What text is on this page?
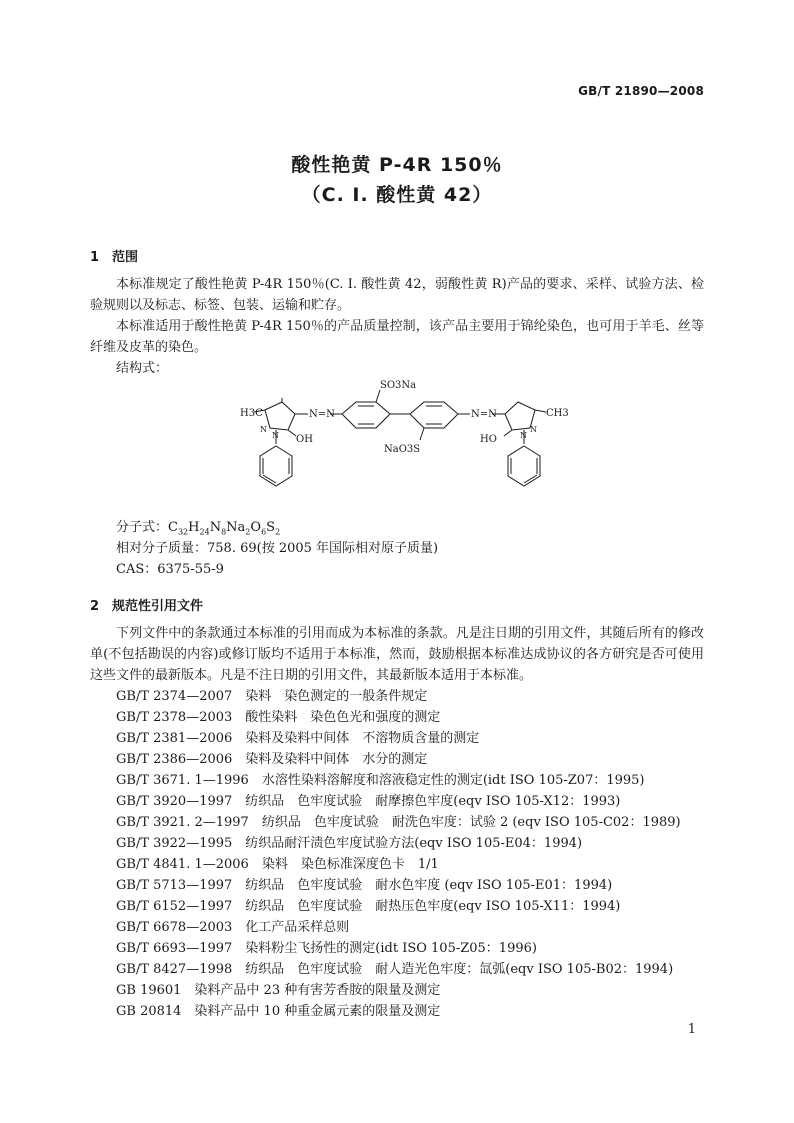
GB/T 21890—2008
酸性艳黄 P-4R 150％
（C. I. 酸性黄 42）
1 范围

本标准规定了酸性艳黄 P-4R 150％(C. I. 酸性黄 42，弱酸性黄 R)产品的要求、采样、试验方法、检验规则以及标志、标签、包装、运输和贮存。

本标准适用于酸性艳黄 P-4R 150％的产品质量控制，该产品主要用于锦纶染色，也可用于羊毛、丝等纤维及皮革的染色。

结构式：
H3C	CH3
OH	HO
N
N
N
N
N=N	N=N
SO3Na
NaO3S
分子式：$C_{32}H_{24}N_8Na_2O_6S_2$
相对分子质量：758. 69(按 2005 年国际相对原子质量)
CAS：6375-55-9
2 规范性引用文件

下列文件中的条款通过本标准的引用而成为本标准的条款。凡是注日期的引用文件，其随后所有的修改单(不包括勘误的内容)或修订版均不适用于本标准，然而，鼓励根据本标准达成协议的各方研究是否可使用这些文件的最新版本。凡是不注日期的引用文件，其最新版本适用于本标准。

GB/T 2374—2007　染料　染色测定的一般条件规定
GB/T 2378—2003　酸性染料　染色色光和强度的测定
GB/T 2381—2006　染料及染料中间体　不溶物质含量的测定
GB/T 2386—2006　染料及染料中间体　水分的测定
GB/T 3671. 1—1996　水溶性染料溶解度和溶液稳定性的测定(idt ISO 105-Z07：1995)
GB/T 3920—1997　纺织品　色牢度试验　耐摩擦色牢度(eqv ISO 105-X12：1993)
GB/T 3921. 2—1997　纺织品　色牢度试验　耐洗色牢度：试验 2 (eqv ISO 105-C02：1989)
GB/T 3922—1995　纺织品耐汗渍色牢度试验方法(eqv ISO 105-E04：1994)
GB/T 4841. 1—2006　染料　染色标准深度色卡　1/1
GB/T 5713—1997　纺织品　色牢度试验　耐水色牢度 (eqv ISO 105-E01：1994)
GB/T 6152—1997　纺织品　色牢度试验　耐热压色牢度(eqv ISO 105-X11：1994)
GB/T 6678—2003　化工产品采样总则
GB/T 6693—1997　染料粉尘飞扬性的测定(idt ISO 105-Z05：1996)
GB/T 8427—1998　纺织品　色牢度试验　耐人造光色牢度：氙弧(eqv ISO 105-B02：1994)
GB 19601　染料产品中 23 种有害芳香胺的限量及测定
GB 20814　染料产品中 10 种重金属元素的限量及测定
1
